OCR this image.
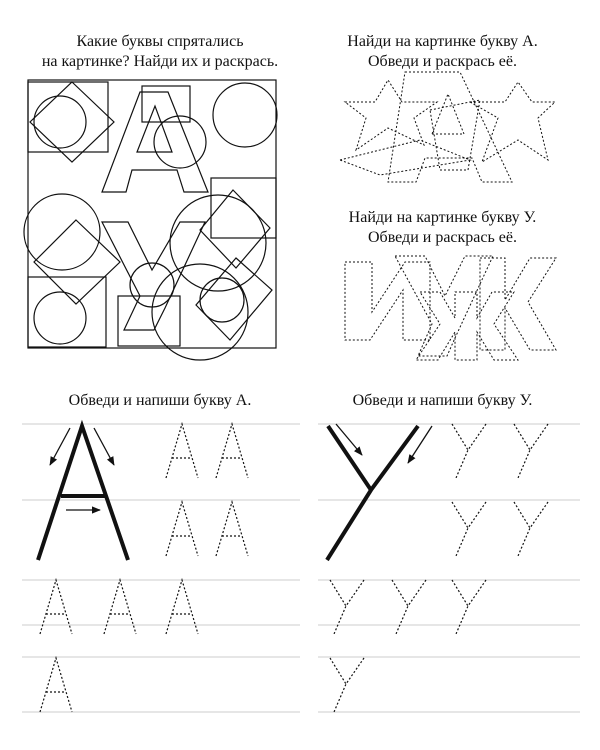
Какие буквы спрятались
на картинке? Найди их и раскрась.
Найди на картинке букву А.
Обведи и раскрась её.
Найди на картинке букву У.
Обведи и раскрась её.
Обведи и напиши букву А.	Обведи и напиши букву У.
